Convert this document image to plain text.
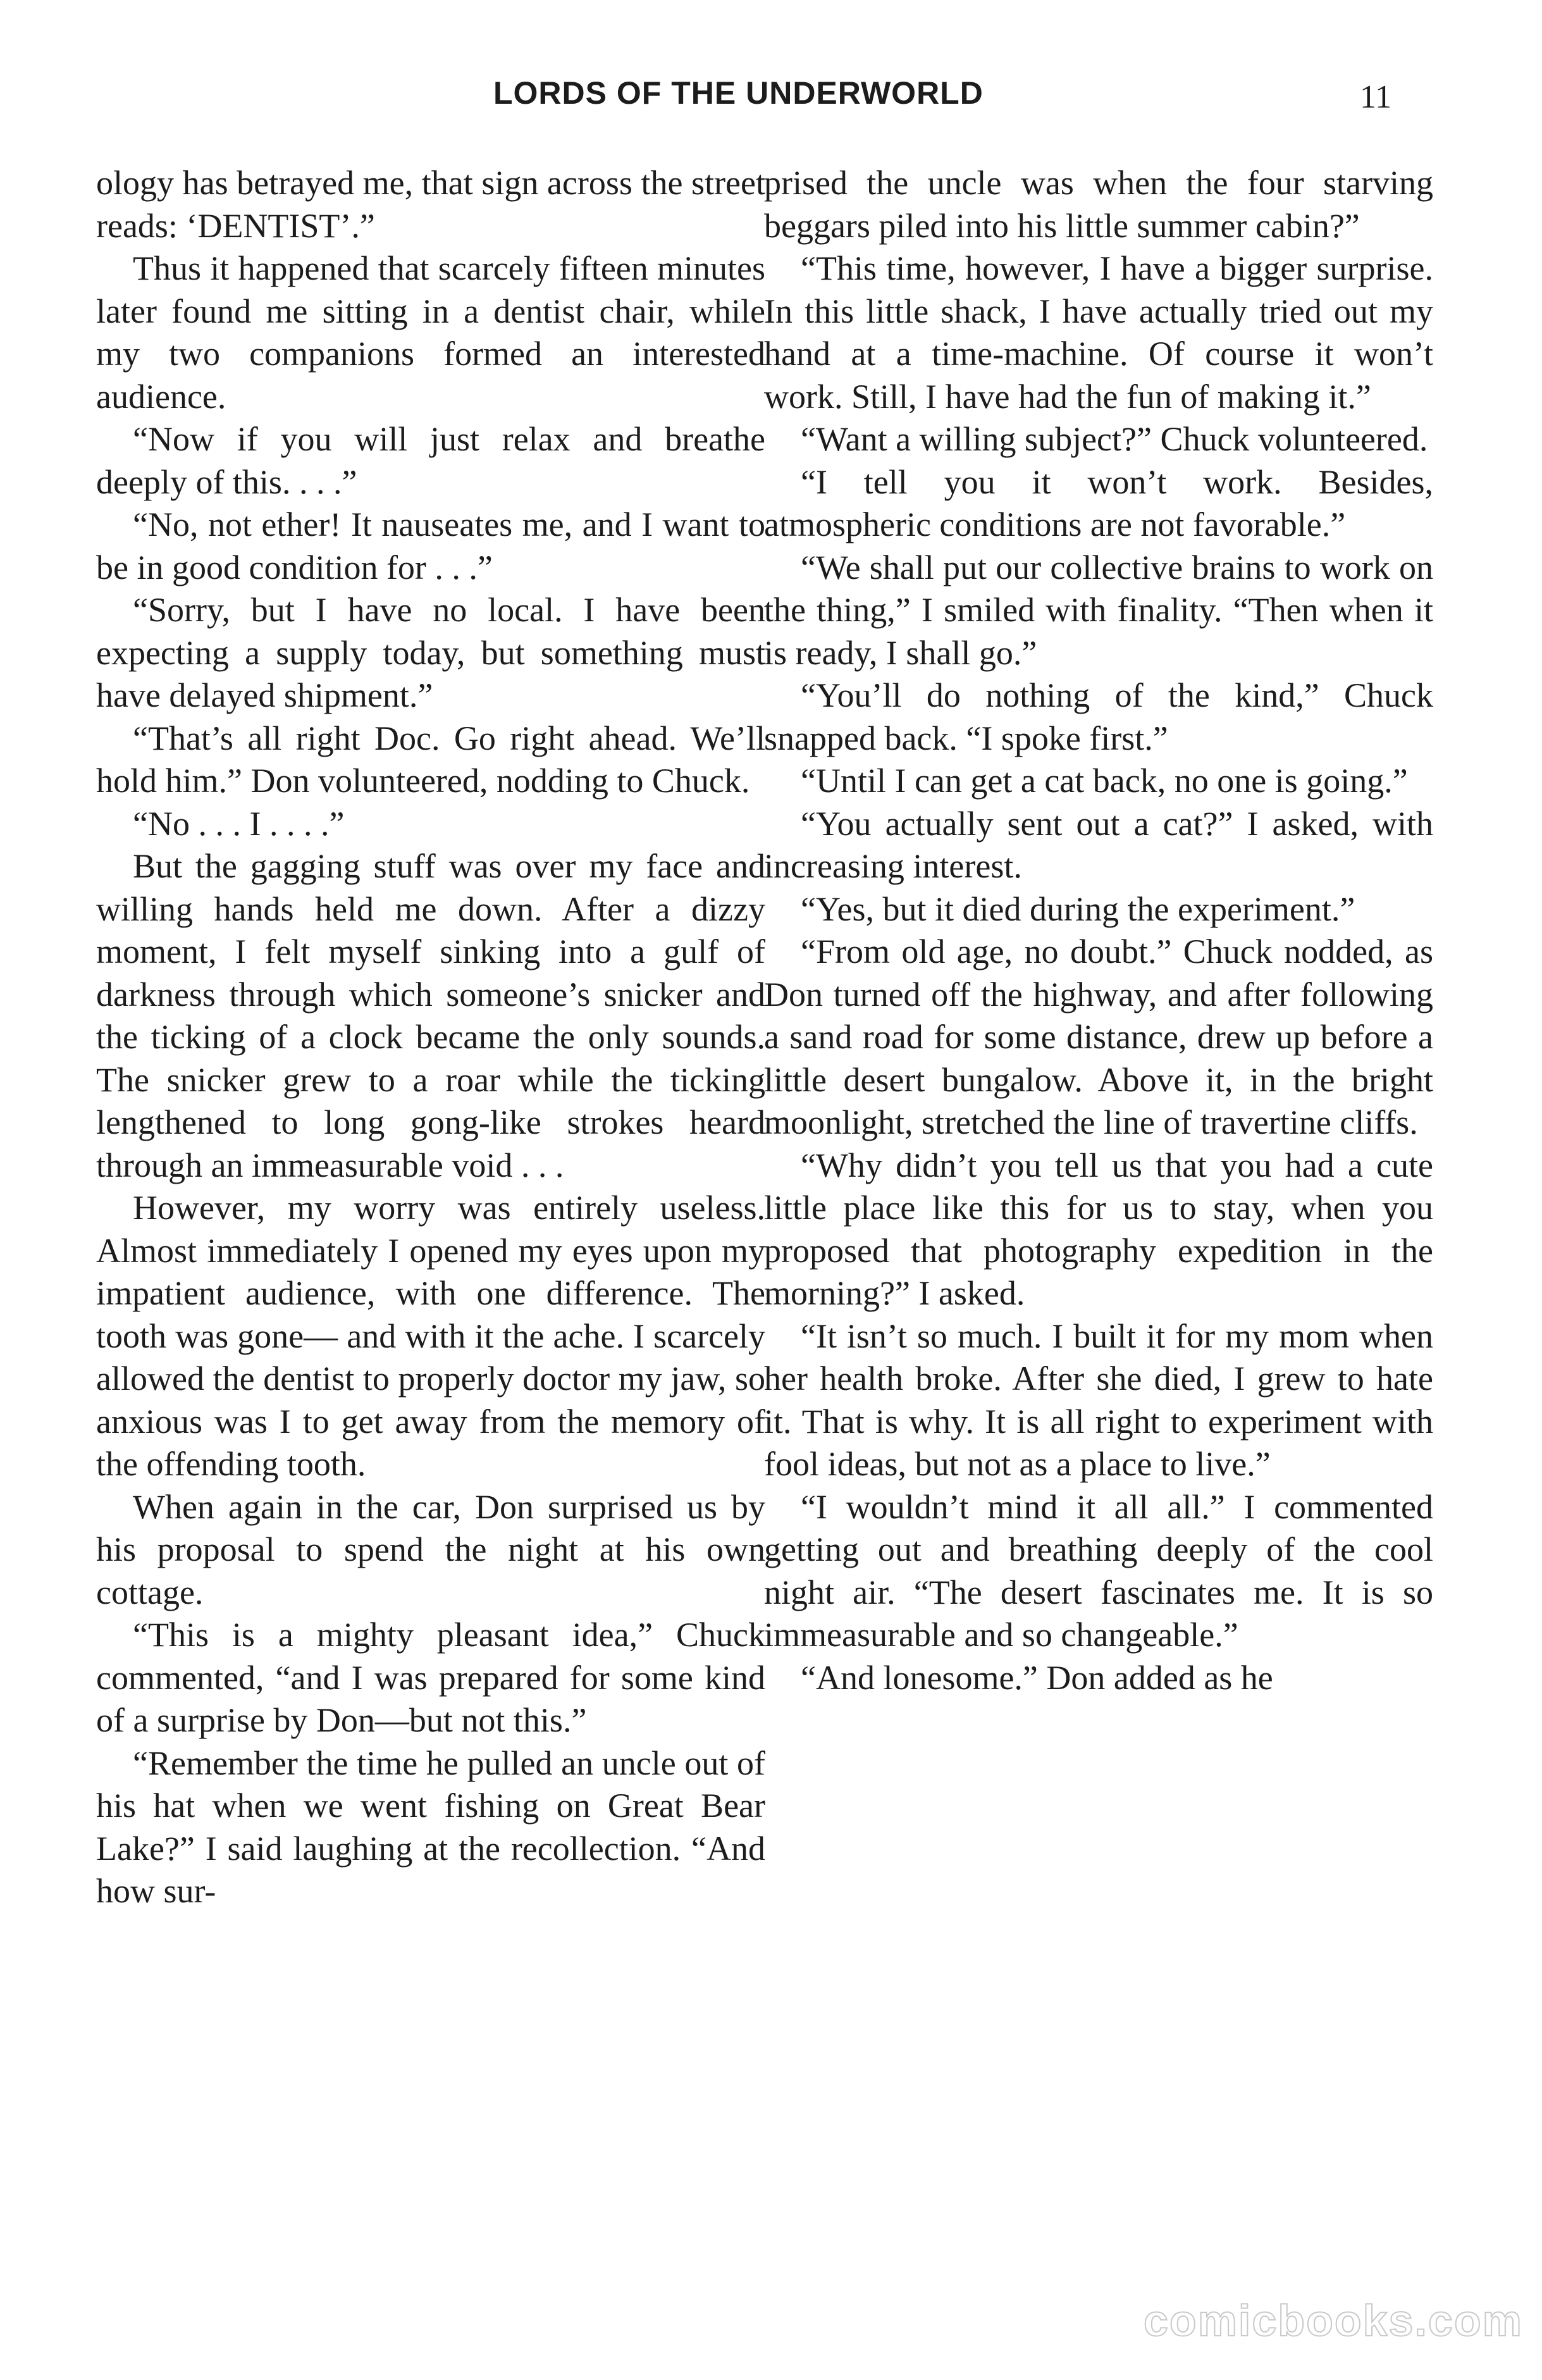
LORDS OF THE UNDERWORLD	11

ology has betrayed me, that sign across the street reads: ‘DENTIST’.”

Thus it happened that scarcely fifteen minutes later found me sitting in a dentist chair, while my two companions formed an interested audience.

“Now if you will just relax and breathe deeply of this. . . .”

“No, not ether! It nauseates me, and I want to be in good condition for . . .”

“Sorry, but I have no local. I have been expecting a supply today, but something must have delayed shipment.”

“That’s all right Doc. Go right ahead. We’ll hold him.” Don volunteered, nodding to Chuck.

“No . . . I . . . .”

But the gagging stuff was over my face and willing hands held me down. After a dizzy moment, I felt myself sinking into a gulf of darkness through which someone’s snicker and the ticking of a clock became the only sounds. The snicker grew to a roar while the ticking lengthened to long gong-like strokes heard through an immeasurable void . . .

However, my worry was entirely useless. Almost immediately I opened my eyes upon my impatient audience, with one difference. The tooth was gone— and with it the ache. I scarcely allowed the dentist to properly doctor my jaw, so anxious was I to get away from the memory of the offending tooth.

When again in the car, Don surprised us by his proposal to spend the night at his own cottage.

“This is a mighty pleasant idea,” Chuck commented, “and I was prepared for some kind of a surprise by Don—but not this.”

“Remember the time he pulled an uncle out of his hat when we went fishing on Great Bear Lake?” I said laughing at the recollection. “And how sur-

prised the uncle was when the four starving beggars piled into his little summer cabin?”

“This time, however, I have a bigger surprise. In this little shack, I have actually tried out my hand at a time-machine. Of course it won’t work. Still, I have had the fun of making it.”

“Want a willing subject?” Chuck volunteered.

“I tell you it won’t work. Besides, atmospheric conditions are not favorable.”

“We shall put our collective brains to work on the thing,” I smiled with finality. “Then when it is ready, I shall go.”

“You’ll do nothing of the kind,” Chuck snapped back. “I spoke first.”

“Until I can get a cat back, no one is going.”

“You actually sent out a cat?” I asked, with increasing interest.

“Yes, but it died during the experiment.”

“From old age, no doubt.” Chuck nodded, as Don turned off the highway, and after following a sand road for some distance, drew up before a little desert bungalow. Above it, in the bright moonlight, stretched the line of travertine cliffs.

“Why didn’t you tell us that you had a cute little place like this for us to stay, when you proposed that photography expedition in the morning?” I asked.

“It isn’t so much. I built it for my mom when her health broke. After she died, I grew to hate it. That is why. It is all right to experiment with fool ideas, but not as a place to live.”

“I wouldn’t mind it all all.” I commented getting out and breathing deeply of the cool night air. “The desert fascinates me. It is so immeasurable and so changeable.”

“And lonesome.” Don added as he

comicbooks.com
